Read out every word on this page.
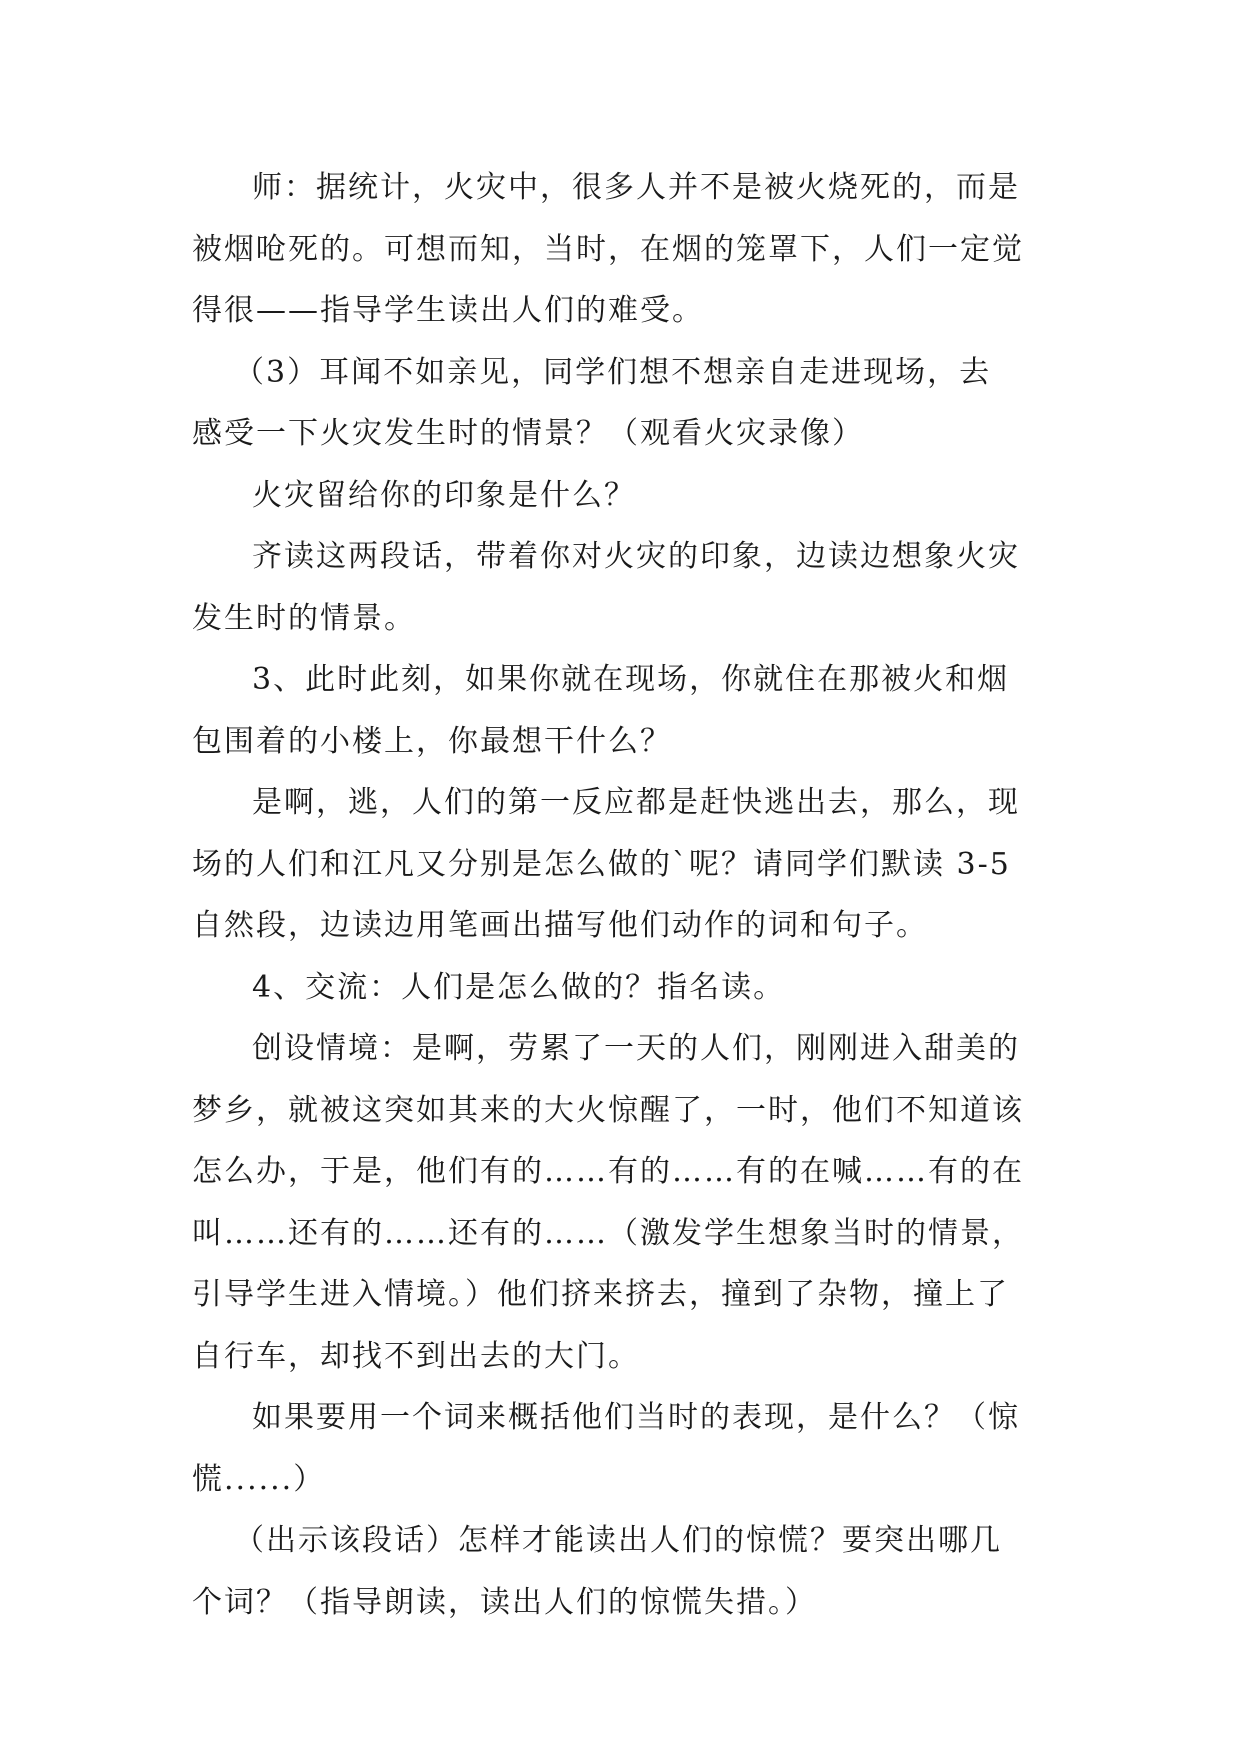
师：据统计，火灾中，很多人并不是被火烧死的，而是
被烟呛死的。可想而知，当时，在烟的笼罩下，人们一定觉
得很——指导学生读出人们的难受。
（3）耳闻不如亲见，同学们想不想亲自走进现场，去
感受一下火灾发生时的情景？（观看火灾录像）
火灾留给你的印象是什么？
齐读这两段话，带着你对火灾的印象，边读边想象火灾
发生时的情景。
3、此时此刻，如果你就在现场，你就住在那被火和烟
包围着的小楼上，你最想干什么？
是啊，逃，人们的第一反应都是赶快逃出去，那么，现
场的人们和江凡又分别是怎么做的`呢？请同学们默读 3-5
自然段，边读边用笔画出描写他们动作的词和句子。
4、交流：人们是怎么做的？指名读。
创设情境：是啊，劳累了一天的人们，刚刚进入甜美的
梦乡，就被这突如其来的大火惊醒了，一时，他们不知道该
怎么办，于是，他们有的……有的……有的在喊……有的在
叫……还有的……还有的……（激发学生想象当时的情景，
引导学生进入情境。）他们挤来挤去，撞到了杂物，撞上了
自行车，却找不到出去的大门。
如果要用一个词来概括他们当时的表现，是什么？（惊
慌......）
（出示该段话）怎样才能读出人们的惊慌？要突出哪几
个词？（指导朗读，读出人们的惊慌失措。）
